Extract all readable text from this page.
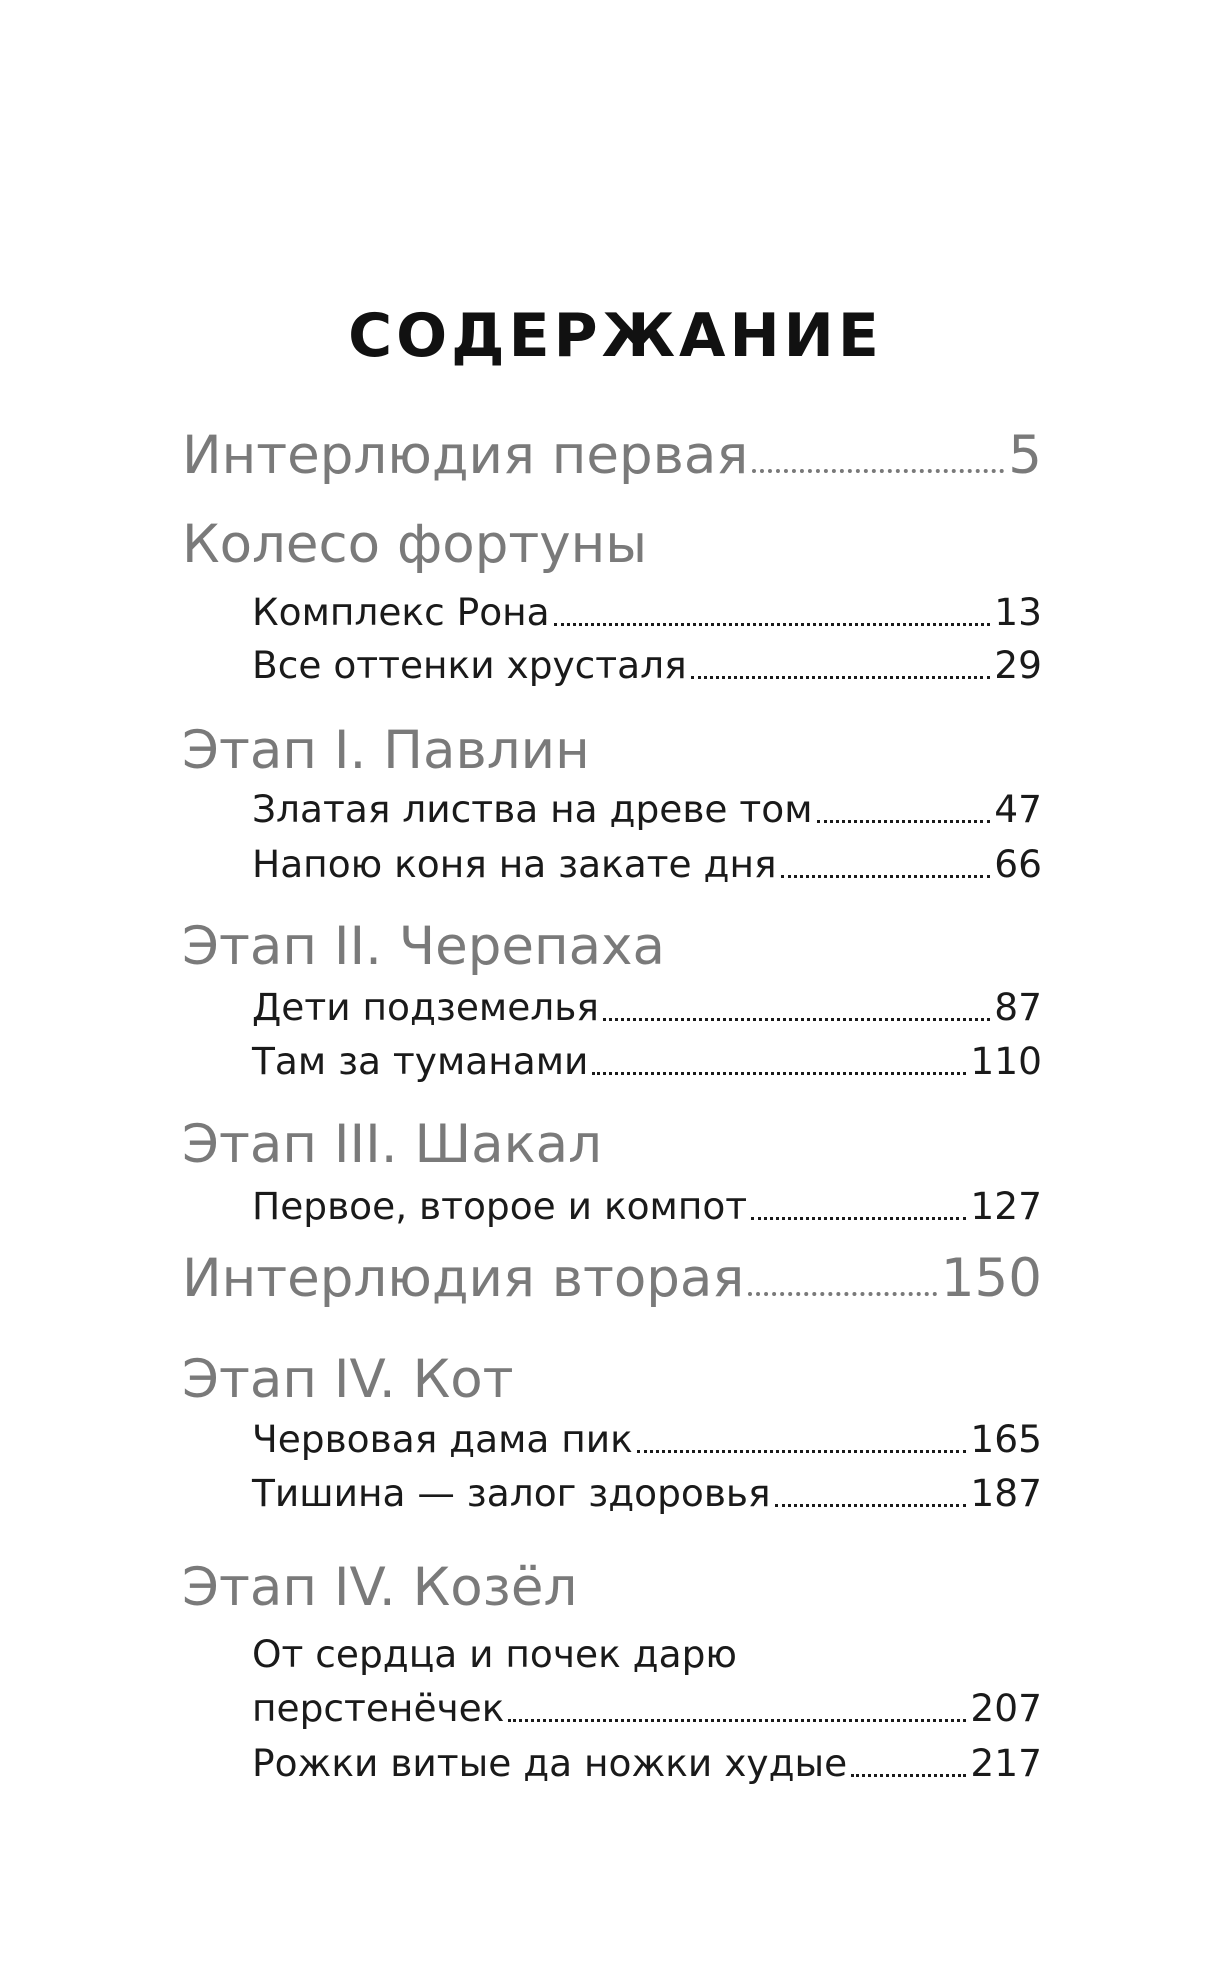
СОДЕРЖАНИЕ
Интерлюдия первая	5
Колесо фортуны
Комплекс Рона	13
Все оттенки хрусталя	29
Этап I. Павлин
Златая листва на древе том	47
Напою коня на закате дня	66
Этап II. Черепаха
Дети подземелья	87
Там за туманами	110
Этап III. Шакал
Первое, второе и компот	127
Интерлюдия вторая	150
Этап IV. Кот
Червовая дама пик	165
Тишина — залог здоровья	187
Этап IV. Козёл
От сердца и почек дарю
перстенёчек	207
Рожки витые да ножки худые	217
